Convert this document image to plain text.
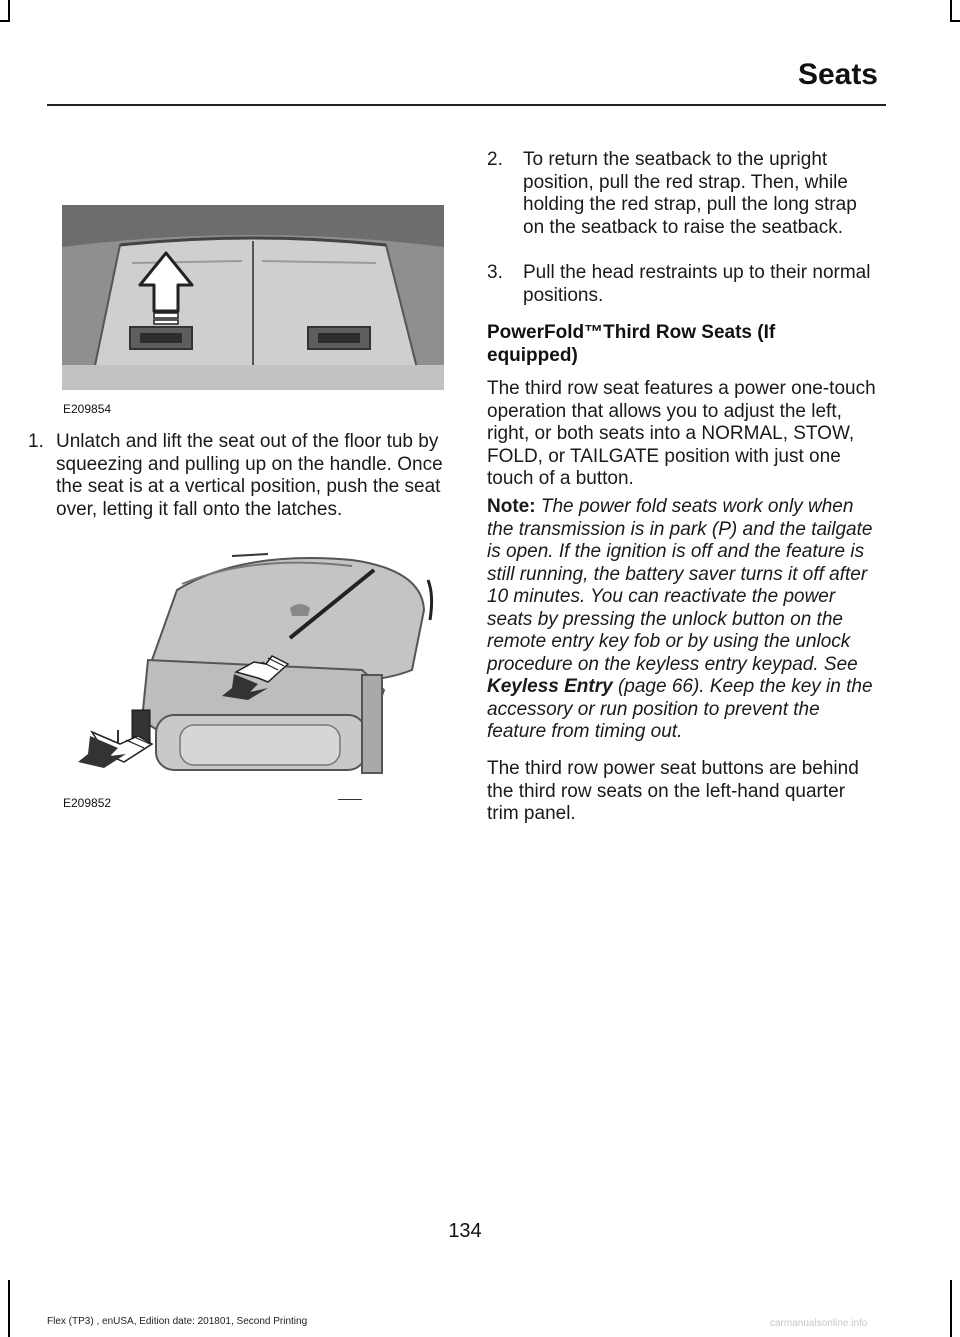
Seats
E209854
1. Unlatch and lift the seat out of the floor tub by squeezing and pulling up on the handle. Once the seat is at a vertical position, push the seat over, letting it fall onto the latches.
E209852
2.	To return the seatback to the upright position, pull the red strap. Then, while holding the red strap, pull the long strap on the seatback to raise the seatback.
3.	Pull the head restraints up to their normal positions.
PowerFold™Third Row Seats (If equipped)
The third row seat features a power one-touch operation that allows you to adjust the left, right, or both seats into a NORMAL, STOW, FOLD, or TAILGATE position with just one touch of a button.
Note: The power fold seats work only when the transmission is in park (P) and the tailgate is open. If the ignition is off and the feature is still running, the battery saver turns it off after 10 minutes. You can reactivate the power seats by pressing the unlock button on the remote entry key fob or by using the unlock procedure on the keyless entry keypad. See Keyless Entry (page 66). Keep the key in the accessory or run position to prevent the feature from timing out.
The third row power seat buttons are behind the third row seats on the left-hand quarter trim panel.
134
Flex (TP3) , enUSA, Edition date: 201801, Second Printing	carmanualsonline.info
